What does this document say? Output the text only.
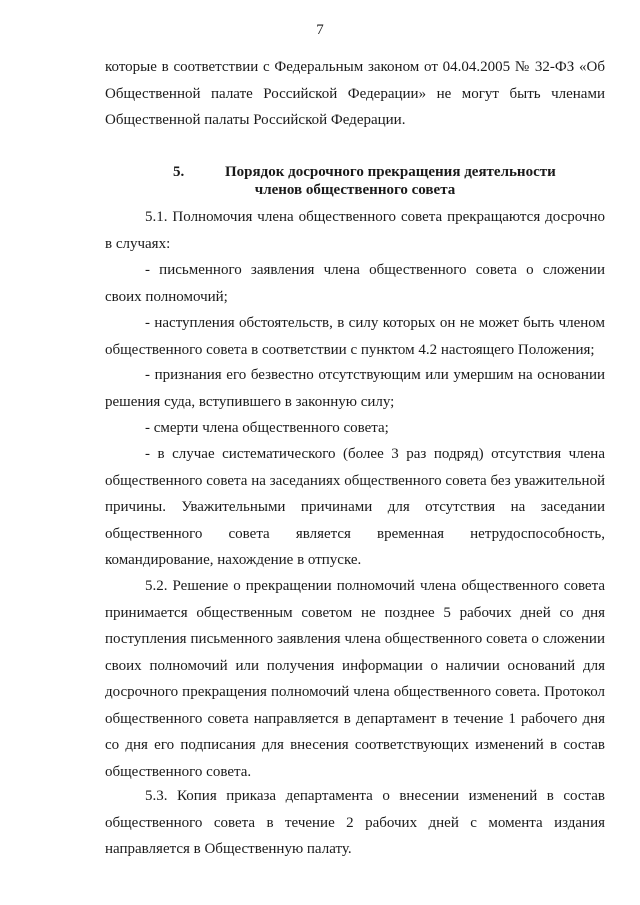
7

которые в соответствии с Федеральным законом от 04.04.2005 № 32-ФЗ «Об Общественной палате Российской Федерации» не могут быть членами Общественной палаты Российской Федерации.

5.	Порядок досрочного прекращения деятельности
членов общественного совета

5.1. Полномочия члена общественного совета прекращаются досрочно в случаях:

- письменного заявления члена общественного совета о сложении своих полномочий;

- наступления обстоятельств, в силу которых он не может быть членом общественного совета в соответствии с пунктом 4.2 настоящего Положения;

- признания его безвестно отсутствующим или умершим на основании решения суда, вступившего в законную силу;

- смерти члена общественного совета;

- в случае систематического (более 3 раз подряд) отсутствия члена общественного совета на заседаниях общественного совета без уважительной причины. Уважительными причинами для отсутствия на заседании общественного совета является временная нетрудоспособность, командирование, нахождение в отпуске.

5.2. Решение о прекращении полномочий члена общественного совета принимается общественным советом не позднее 5 рабочих дней со дня поступления письменного заявления члена общественного совета о сложении своих полномочий или получения информации о наличии оснований для досрочного прекращения полномочий члена общественного совета. Протокол общественного совета направляется в департамент в течение 1 рабочего дня со дня его подписания для внесения соответствующих изменений в состав общественного совета.

5.3. Копия приказа департамента о внесении изменений в состав общественного совета в течение 2 рабочих дней с момента издания направляется в Общественную палату.
